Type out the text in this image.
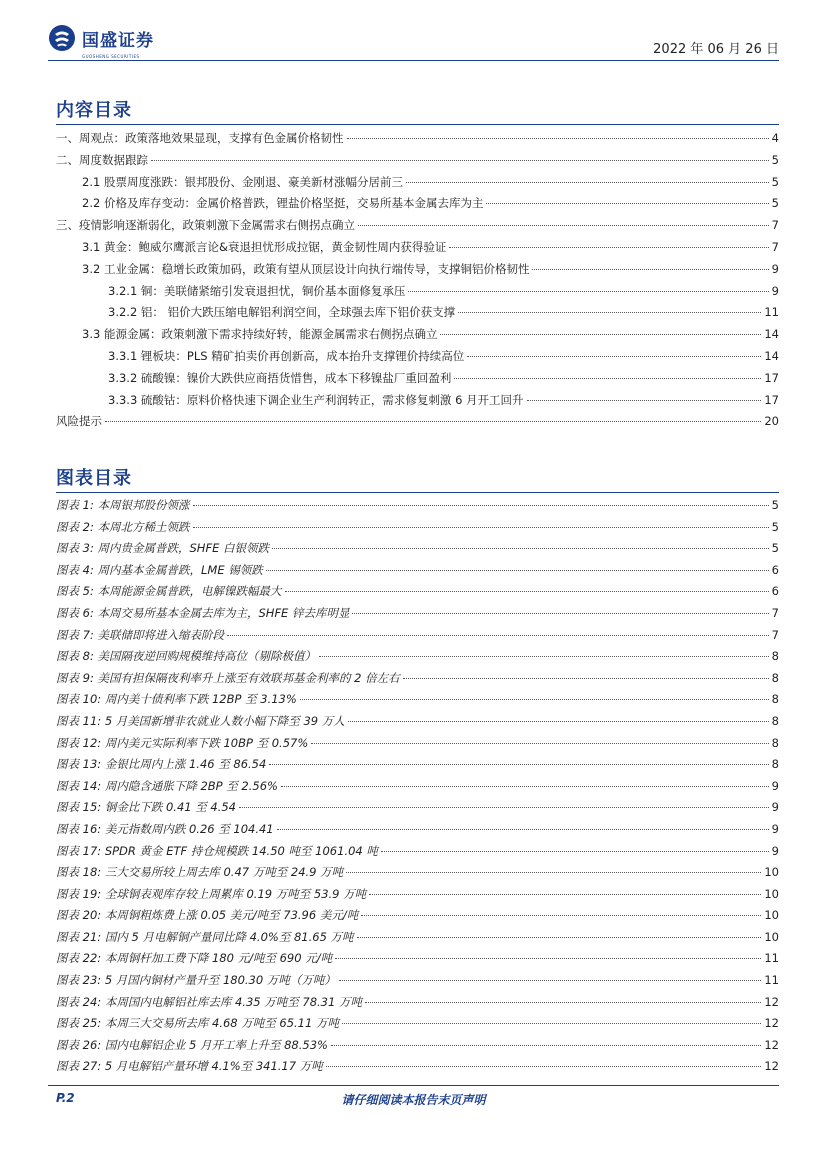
国盛证券
GUOSHENG SECURITIES	2022 年 06 月 26 日
内容目录
一、周观点：政策落地效果显现，支撑有色金属价格韧性	4
二、周度数据跟踪	5
2.1 股票周度涨跌：银邦股份、金刚退、豪美新材涨幅分居前三	5
2.2 价格及库存变动：金属价格普跌，锂盐价格坚挺，交易所基本金属去库为主	5
三、疫情影响逐渐弱化，政策刺激下金属需求右侧拐点确立	7
3.1 黄金：鲍威尔鹰派言论&衰退担忧形成拉锯，黄金韧性周内获得验证	7
3.2 工业金属：稳增长政策加码，政策有望从顶层设计向执行端传导，支撑铜铝价格韧性	9
3.2.1 铜：美联储紧缩引发衰退担忧，铜价基本面修复承压	9
3.2.2 铝： 铝价大跌压缩电解铝利润空间，全球强去库下铝价获支撑	11
3.3 能源金属：政策刺激下需求持续好转，能源金属需求右侧拐点确立	14
3.3.1 锂板块：PLS 精矿拍卖价再创新高，成本抬升支撑锂价持续高位	14
3.3.2 硫酸镍：镍价大跌供应商捂货惜售，成本下移镍盐厂重回盈利	17
3.3.3 硫酸钴：原料价格快速下调企业生产利润转正，需求修复刺激 6 月开工回升	17
风险提示	20
图表目录
图表 1: 本周银邦股份领涨	5
图表 2: 本周北方稀土领跌	5
图表 3: 周内贵金属普跌，SHFE 白银领跌	5
图表 4: 周内基本金属普跌，LME 锡领跌	6
图表 5: 本周能源金属普跌，电解镍跌幅最大	6
图表 6: 本周交易所基本金属去库为主，SHFE 锌去库明显	7
图表 7: 美联储即将进入缩表阶段	7
图表 8: 美国隔夜逆回购规模维持高位（剔除极值）	8
图表 9: 美国有担保隔夜利率升上涨至有效联邦基金利率的 2 倍左右	8
图表 10: 周内美十债利率下跌 12BP 至 3.13%	8
图表 11: 5 月美国新增非农就业人数小幅下降至 39 万人	8
图表 12: 周内美元实际利率下跌 10BP 至 0.57%	8
图表 13: 金银比周内上涨 1.46 至 86.54	8
图表 14: 周内隐含通胀下降 2BP 至 2.56%	9
图表 15: 铜金比下跌 0.41 至 4.54	9
图表 16: 美元指数周内跌 0.26 至 104.41	9
图表 17: SPDR 黄金 ETF 持仓规模跌 14.50 吨至 1061.04 吨	9
图表 18: 三大交易所较上周去库 0.47 万吨至 24.9 万吨	10
图表 19: 全球铜表观库存较上周累库 0.19 万吨至 53.9 万吨	10
图表 20: 本周铜粗炼费上涨 0.05 美元/吨至 73.96 美元/吨	10
图表 21: 国内 5 月电解铜产量同比降 4.0%至 81.65 万吨	10
图表 22: 本周铜杆加工费下降 180 元/吨至 690 元/吨	11
图表 23: 5 月国内铜材产量升至 180.30 万吨（万吨）	11
图表 24: 本周国内电解铝社库去库 4.35 万吨至 78.31 万吨	12
图表 25: 本周三大交易所去库 4.68 万吨至 65.11 万吨	12
图表 26: 国内电解铝企业 5 月开工率上升至 88.53%	12
图表 27: 5 月电解铝产量环增 4.1%至 341.17 万吨	12
P.2	请仔细阅读本报告末页声明
